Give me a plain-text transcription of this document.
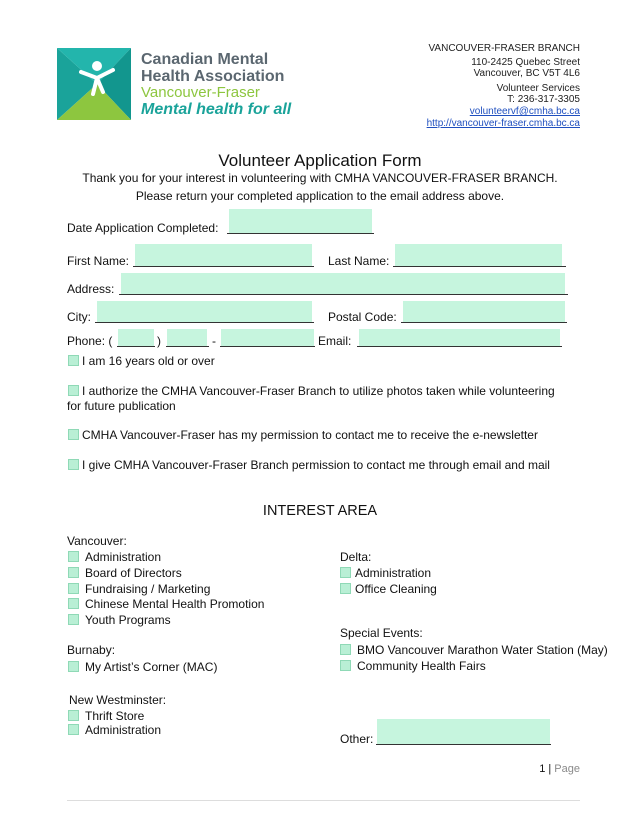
Canadian Mental
Health Association
Vancouver-Fraser
Mental health for all
VANCOUVER-FRASER BRANCH
110-2425 Quebec Street
Vancouver, BC V5T 4L6
Volunteer Services
T: 236-317-3305
volunteervf@cmha.bc.ca
http://vancouver-fraser.cmha.bc.ca
Volunteer Application Form
Thank you for your interest in volunteering with CMHA VANCOUVER-FRASER BRANCH.
Please return your completed application to the email address above.
Date Application Completed:
First Name:	Last Name:
Address:
City:	Postal Code:
Phone: (	)	-	Email:
I am 16 years old or over
I authorize the CMHA Vancouver-Fraser Branch to utilize photos taken while volunteering
for future publication
CMHA Vancouver-Fraser has my permission to contact me to receive the e-newsletter
I give CMHA Vancouver-Fraser Branch permission to contact me through email and mail
INTEREST AREA
Vancouver:
Administration
Board of Directors
Fundraising / Marketing
Chinese Mental Health Promotion
Youth Programs
Burnaby:
My Artist’s Corner (MAC)
New Westminster:
Thrift Store
Administration
Delta:
Administration
Office Cleaning
Special Events:
BMO Vancouver Marathon Water Station (May)
Community Health Fairs
Other:
1 | Page
